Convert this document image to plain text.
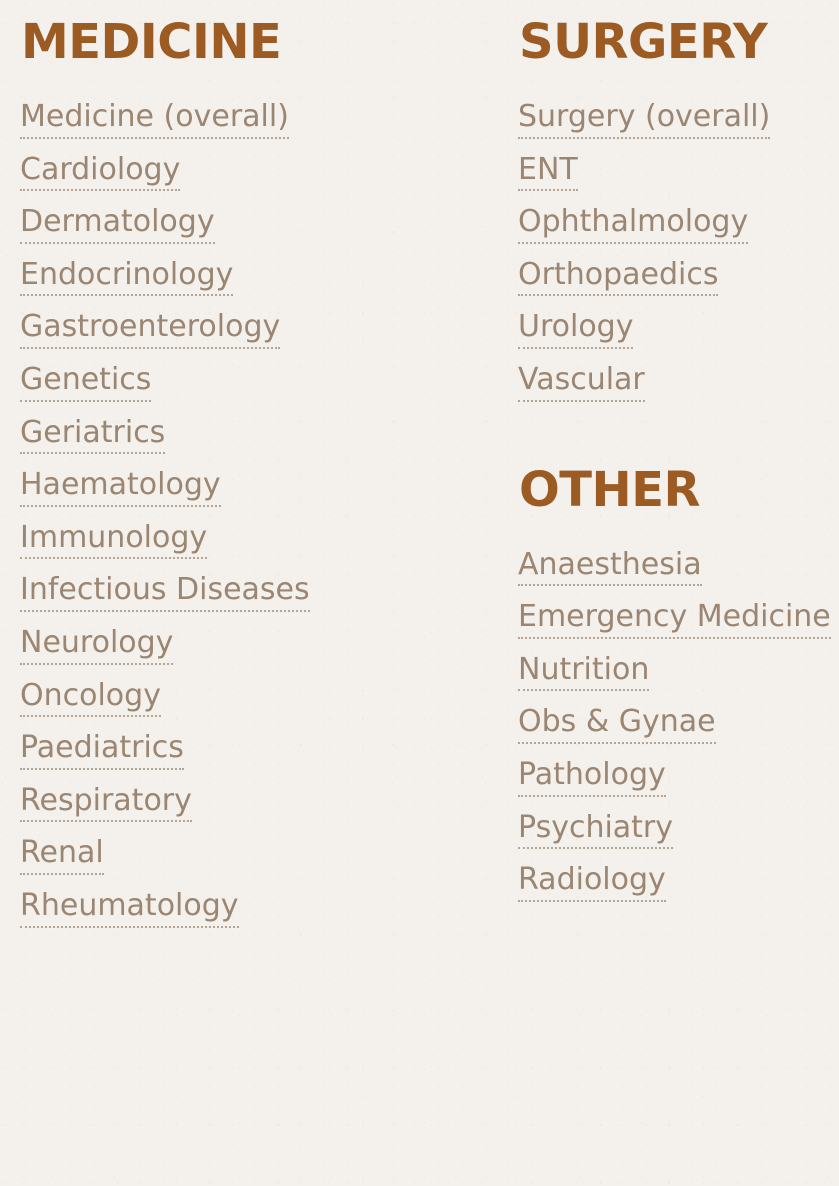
MEDICINE
Medicine (overall)
Cardiology
Dermatology
Endocrinology
Gastroenterology
Genetics
Geriatrics
Haematology
Immunology
Infectious Diseases
Neurology
Oncology
Paediatrics
Respiratory
Renal
Rheumatology
SURGERY
Surgery (overall)
ENT
Ophthalmology
Orthopaedics
Urology
Vascular
OTHER
Anaesthesia
Emergency Medicine
Nutrition
Obs & Gynae
Pathology
Psychiatry
Radiology
